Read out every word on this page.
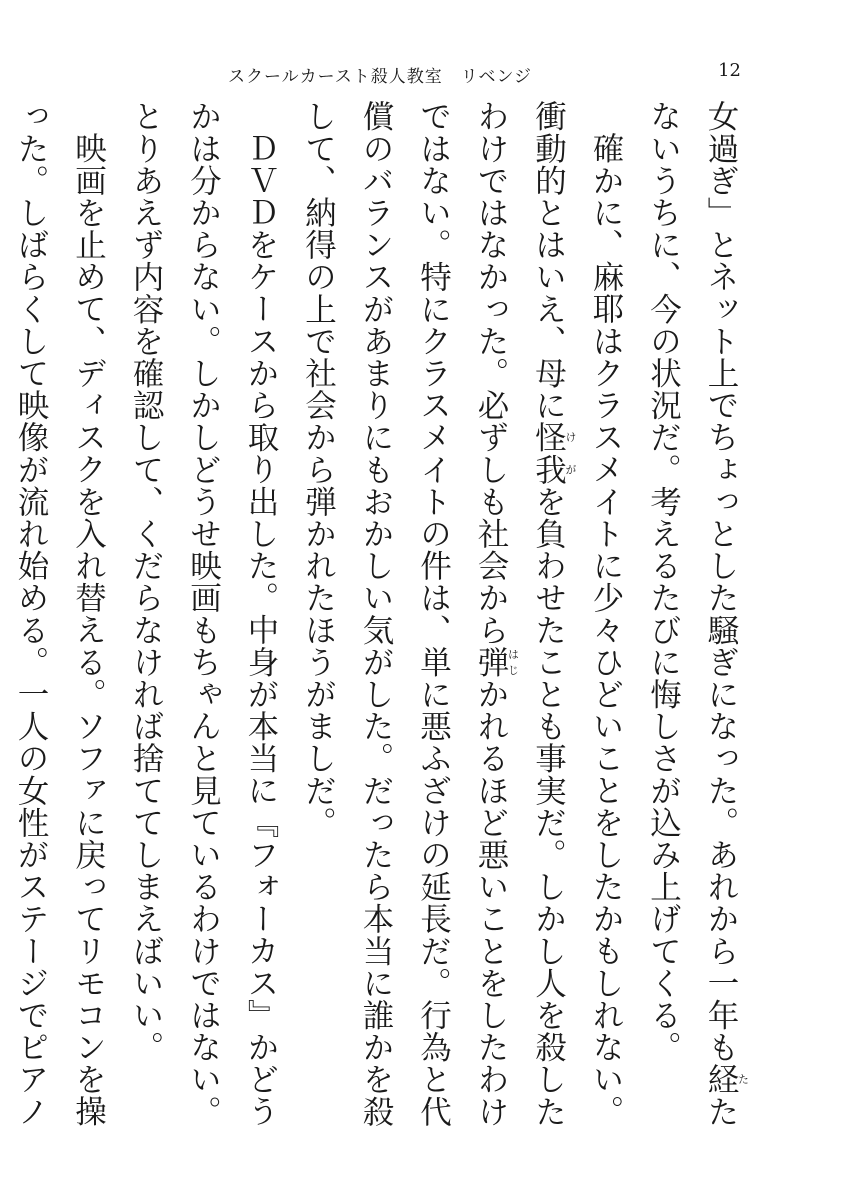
スクールカースト殺人教室　リベンジ	12

女過ぎ」とネット上でちょっとした騒ぎになった。あれから一年も経たたないうちに、今の状況だ。考えるたびに悔しさが込み上げてくる。

確かに、麻耶はクラスメイトに少々ひどいことをしたかもしれない。衝動的とはいえ、母に怪我けがを負わせたことも事実だ。しかし人を殺したわけではなかった。必ずしも社会から弾はじかれるほど悪いことをしたわけではない。特にクラスメイトの件は、単に悪ふざけの延長だ。行為と代償のバランスがあまりにもおかしい気がした。だったら本当に誰かを殺して、納得の上で社会から弾かれたほうがましだ。

ＤＶＤをケースから取り出した。中身が本当に『フォーカス』かどうかは分からない。しかしどうせ映画もちゃんと見ているわけではない。とりあえず内容を確認して、くだらなければ捨ててしまえばいい。

映画を止めて、ディスクを入れ替える。ソファに戻ってリモコンを操った。しばらくして映像が流れ始める。一人の女性がステージでピアノ
